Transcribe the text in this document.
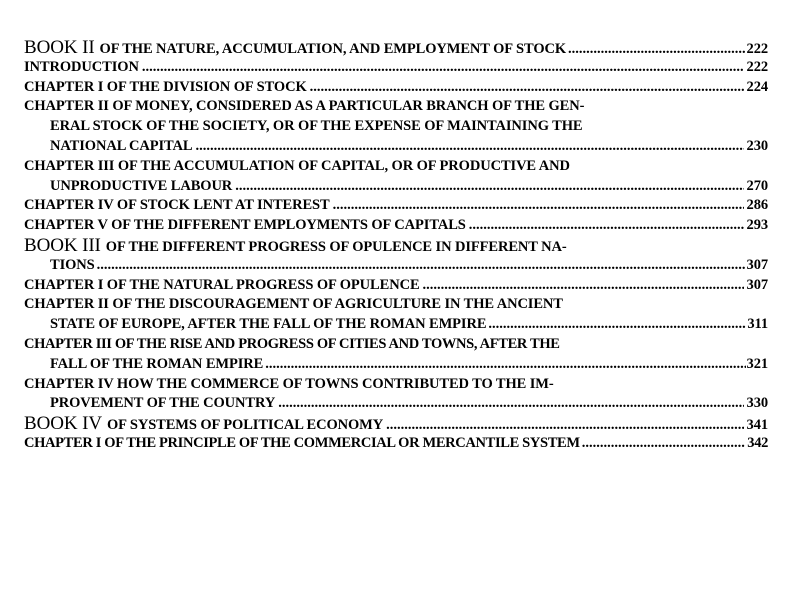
BOOK II OF THE NATURE, ACCUMULATION, AND EMPLOYMENT OF STOCK .....	222
INTRODUCTION .....	222
CHAPTER I OF THE DIVISION OF STOCK .....	224
CHAPTER II OF MONEY, CONSIDERED AS A PARTICULAR BRANCH OF THE GEN-
ERAL STOCK OF THE SOCIETY, OR OF THE EXPENSE OF MAINTAINING THE
NATIONAL CAPITAL .....	230
CHAPTER III OF THE ACCUMULATION OF CAPITAL, OR OF PRODUCTIVE AND
UNPRODUCTIVE LABOUR .....	270
CHAPTER IV OF STOCK LENT AT INTEREST .....	286
CHAPTER V OF THE DIFFERENT EMPLOYMENTS OF CAPITALS .....	293
BOOK III OF THE DIFFERENT PROGRESS OF OPULENCE IN DIFFERENT NA-
TIONS .....	307
CHAPTER I OF THE NATURAL PROGRESS OF OPULENCE .....	307
CHAPTER II OF THE DISCOURAGEMENT OF AGRICULTURE IN THE ANCIENT
STATE OF EUROPE, AFTER THE FALL OF THE ROMAN EMPIRE .....	311
CHAPTER III OF THE RISE AND PROGRESS OF CITIES AND TOWNS, AFTER THE
FALL OF THE ROMAN EMPIRE .....	321
CHAPTER IV HOW THE COMMERCE OF TOWNS CONTRIBUTED TO THE IM-
PROVEMENT OF THE COUNTRY .....	330
BOOK IV OF SYSTEMS OF POLITICAL ECONOMY .....	341
CHAPTER I OF THE PRINCIPLE OF THE COMMERCIAL OR MERCANTILE SYSTEM .....	342
